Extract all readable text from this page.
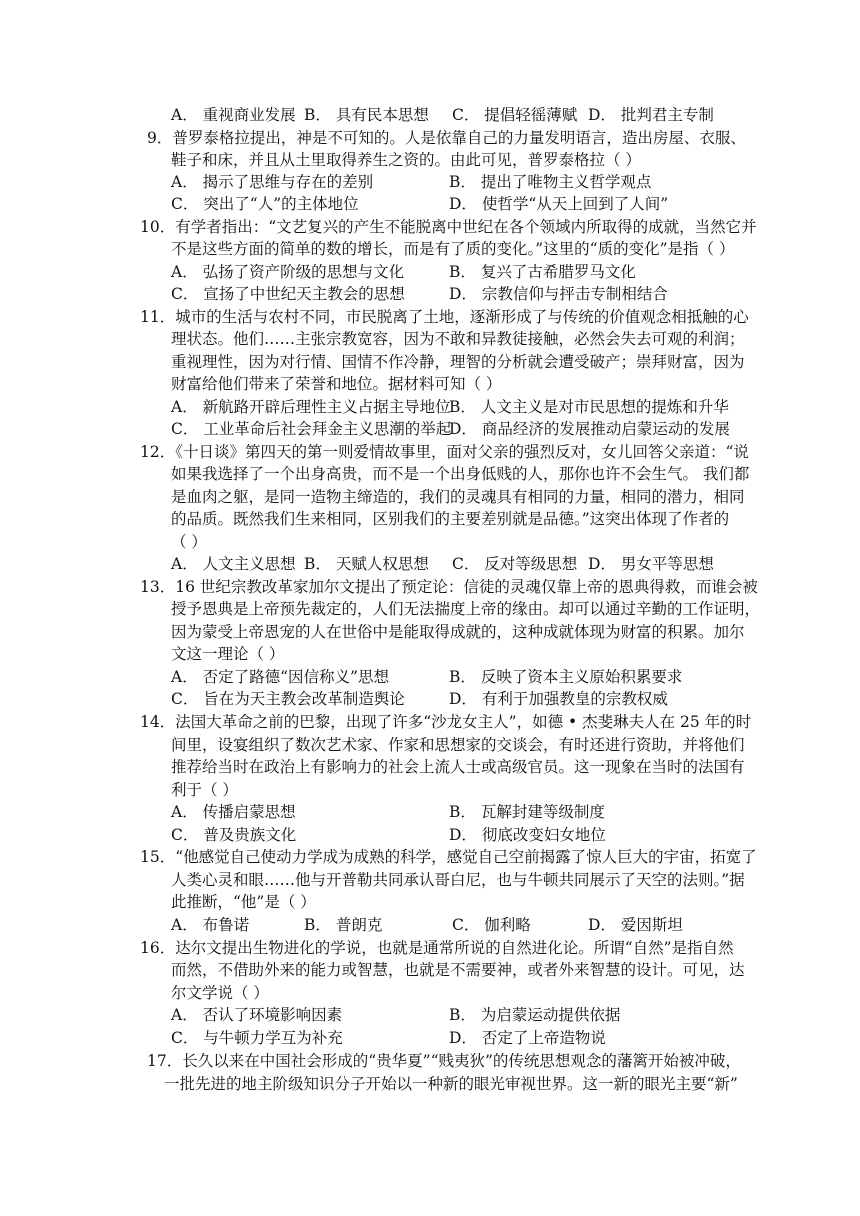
A． 重视商业发展 B． 具有民本思想 C． 提倡轻徭薄赋 D． 批判君主专制
9．普罗泰格拉提出，神是不可知的。人是依靠自己的力量发明语言，造出房屋、衣服、
鞋子和床，并且从土里取得养生之资的。由此可见，普罗泰格拉（ ）
A． 揭示了思维与存在的差别	B． 提出了唯物主义哲学观点
C． 突出了“人”的主体地位	D． 使哲学“从天上回到了人间”
10．有学者指出：“文艺复兴的产生不能脱离中世纪在各个领域内所取得的成就，当然它并
不是这些方面的简单的数的增长，而是有了质的变化。”这里的“质的变化”是指（ ）
A． 弘扬了资产阶级的思想与文化	B． 复兴了古希腊罗马文化
C． 宣扬了中世纪天主教会的思想	D． 宗教信仰与抨击专制相结合
11．城市的生活与农村不同，市民脱离了土地，逐渐形成了与传统的价值观念相抵触的心
理状态。他们……主张宗教宽容，因为不敢和异教徒接触，必然会失去可观的利润；
重视理性，因为对行情、国情不作冷静，理智的分析就会遭受破产；崇拜财富，因为
财富给他们带来了荣誉和地位。据材料可知（ ）
A． 新航路开辟后理性主义占据主导地位
B． 人文主义是对市民思想的提炼和升华
C． 工业革命后社会拜金主义思潮的举起
D． 商品经济的发展推动启蒙运动的发展
12．《十日谈》第四天的第一则爱情故事里，面对父亲的强烈反对，女儿回答父亲道：“说
如果我选择了一个出身高贵，而不是一个出身低贱的人，那你也许不会生气。 我们都
是血肉之躯，是同一造物主缔造的，我们的灵魂具有相同的力量，相同的潜力，相同
的品质。既然我们生来相同，区别我们的主要差别就是品德。”这突出体现了作者的
（ ）
A． 人文主义思想 B． 天赋人权思想 C． 反对等级思想 D． 男女平等思想
13．16 世纪宗教改革家加尔文提出了预定论：信徒的灵魂仅靠上帝的恩典得救，而谁会被
授予恩典是上帝预先裁定的，人们无法揣度上帝的缘由。却可以通过辛勤的工作证明，
因为蒙受上帝恩宠的人在世俗中是能取得成就的，这种成就体现为财富的积累。加尔
文这一理论（ ）
A． 否定了路德“因信称义”思想	B． 反映了资本主义原始积累要求
C． 旨在为天主教会改革制造舆论	D． 有利于加强教皇的宗教权威
14．法国大革命之前的巴黎，出现了许多“沙龙女主人”，如德 • 杰斐琳夫人在 25 年的时
间里，设宴组织了数次艺术家、作家和思想家的交谈会，有时还进行资助，并将他们
推荐给当时在政治上有影响力的社会上流人士或高级官员。这一现象在当时的法国有
利于（ ）
A． 传播启蒙思想	B． 瓦解封建等级制度
C． 普及贵族文化	D． 彻底改变妇女地位
15．“他感觉自己使动力学成为成熟的科学，感觉自己空前揭露了惊人巨大的宇宙，拓宽了
人类心灵和眼……他与开普勒共同承认哥白尼，也与牛顿共同展示了天空的法则。”据
此推断，“他”是（ ）
A． 布鲁诺	B． 普朗克	C． 伽利略	D． 爱因斯坦
16．达尔文提出生物进化的学说，也就是通常所说的自然进化论。所谓“自然”是指自然
而然，不借助外来的能力或智慧，也就是不需要神，或者外来智慧的设计。可见，达
尔文学说（ ）
A． 否认了环境影响因素	B． 为启蒙运动提供依据
C． 与牛顿力学互为补充	D． 否定了上帝造物说
17．长久以来在中国社会形成的“贵华夏”“贱夷狄”的传统思想观念的藩篱开始被冲破，
一批先进的地主阶级知识分子开始以一种新的眼光审视世界。这一新的眼光主要“新”
